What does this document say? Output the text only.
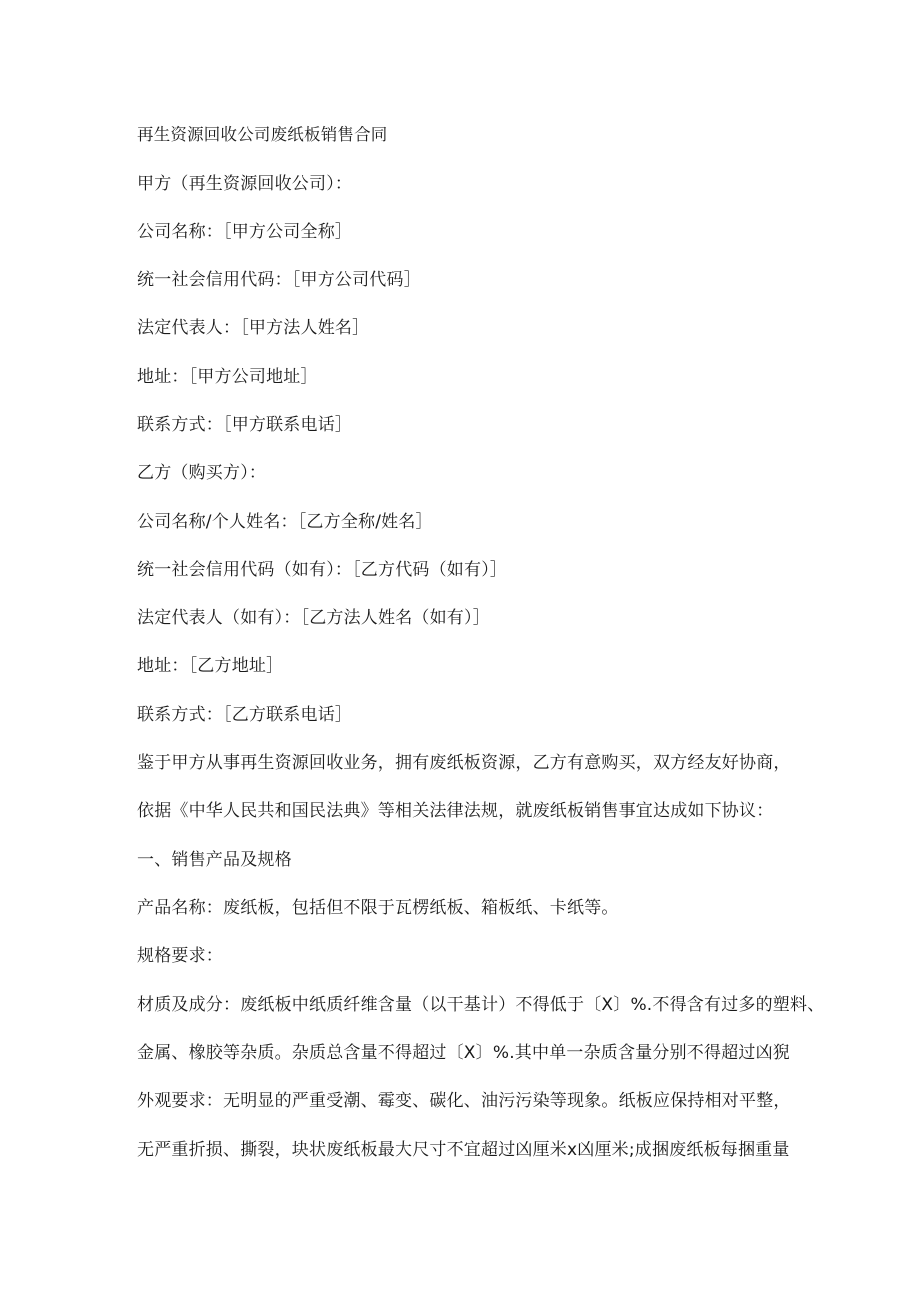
再生资源回收公司废纸板销售合同
甲方（再生资源回收公司）：
公司名称：［甲方公司全称］
统一社会信用代码：［甲方公司代码］
法定代表人：［甲方法人姓名］
地址：［甲方公司地址］
联系方式：［甲方联系电话］
乙方（购买方）：
公司名称/个人姓名：［乙方全称/姓名］
统一社会信用代码（如有）：［乙方代码（如有）］
法定代表人（如有）：［乙方法人姓名（如有）］
地址：［乙方地址］
联系方式：［乙方联系电话］
鉴于甲方从事再生资源回收业务，拥有废纸板资源，乙方有意购买，双方经友好协商，
依据《中华人民共和国民法典》等相关法律法规，就废纸板销售事宜达成如下协议：
一、销售产品及规格
产品名称：废纸板，包括但不限于瓦楞纸板、箱板纸、卡纸等。
规格要求：
材质及成分：废纸板中纸质纤维含量（以干基计）不得低于〔X〕%.不得含有过多的塑料、
金属、橡胶等杂质。杂质总含量不得超过〔X〕%.其中单一杂质含量分别不得超过凶猊
外观要求：无明显的严重受潮、霉变、碳化、油污污染等现象。纸板应保持相对平整，
无严重折损、撕裂，块状废纸板最大尺寸不宜超过凶厘米x凶厘米;成捆废纸板每捆重量
